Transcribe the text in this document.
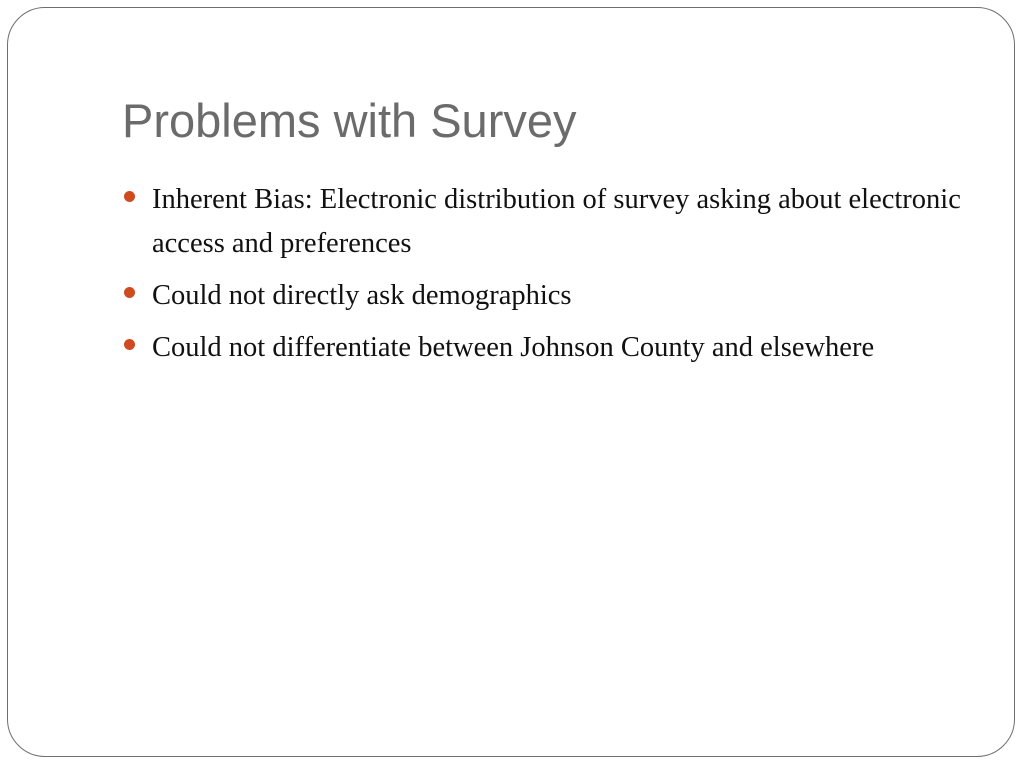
Problems with Survey
Inherent Bias: Electronic distribution of survey asking about electronic access and preferences
Could not directly ask demographics
Could not differentiate between Johnson County and elsewhere
